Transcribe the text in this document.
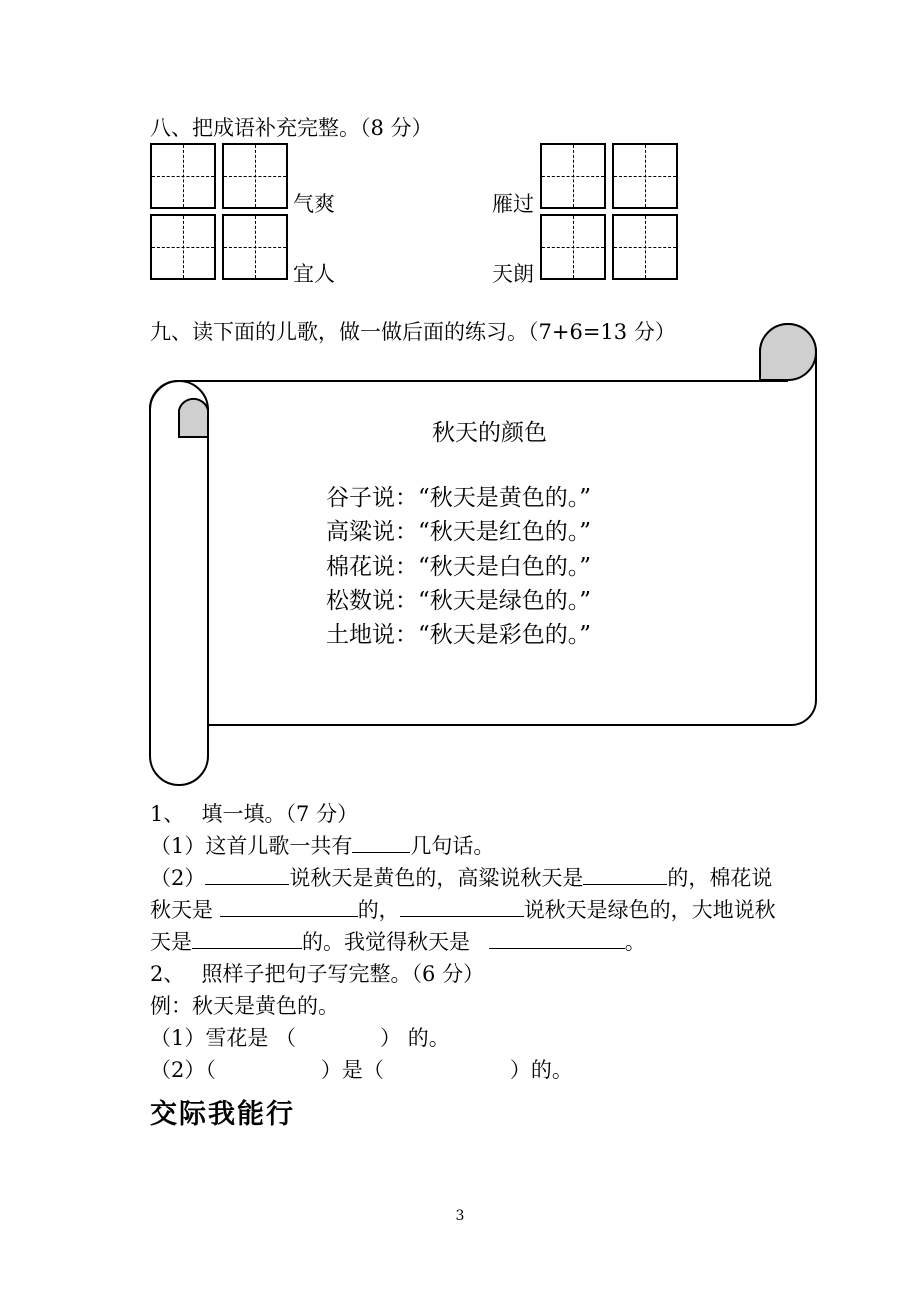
八、把成语补充完整。（8 分）
气爽	雁过
宜人	天朗
九、读下面的儿歌，做一做后面的练习。（7+6=13 分）
秋天的颜色
谷子说：“秋天是黄色的。”
高粱说：“秋天是红色的。”
棉花说：“秋天是白色的。”
松数说：“秋天是绿色的。”
土地说：“秋天是彩色的。”
1、　 填一填。（7 分）
（1）这首儿歌一共有	几句话。
（2）	说秋天是黄色的，高粱说秋天是	的，棉花说
秋天是	的，	说秋天是绿色的，大地说秋
天是	的。我觉得秋天是	。
2、　 照样子把句子写完整。（6 分）
例：秋天是黄色的。
（1）雪花是 （　　　　） 的。
（2）（　　　　　）是（　　　　　　）的。
交际我能行
3
